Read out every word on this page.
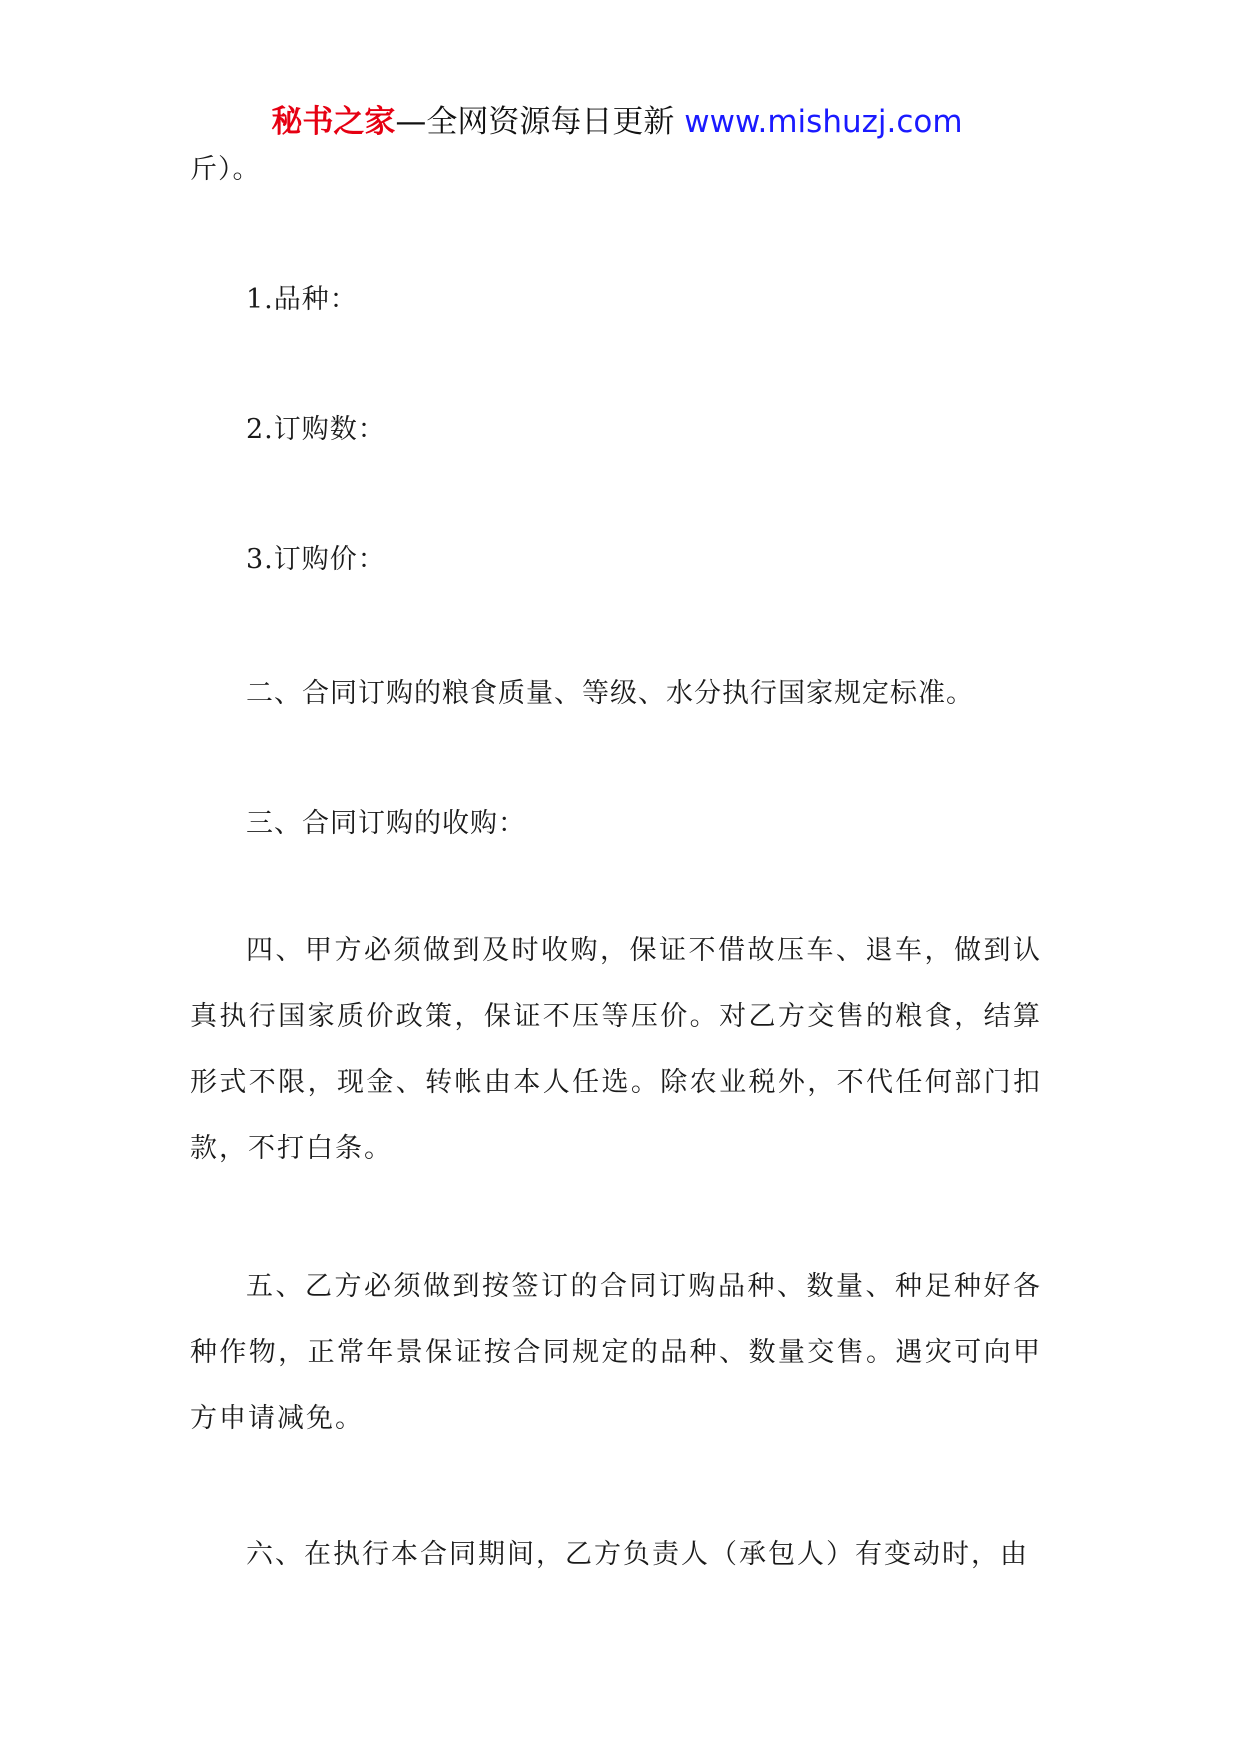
秘书之家—全网资源每日更新 www.mishuzj.com
斤）。
1.品种：
2.订购数：
3.订购价：
二、合同订购的粮食质量、等级、水分执行国家规定标准。
三、合同订购的收购：
四、甲方必须做到及时收购，保证不借故压车、退车，做到认真执行国家质价政策，保证不压等压价。对乙方交售的粮食，结算形式不限，现金、转帐由本人任选。除农业税外，不代任何部门扣款，不打白条。
五、乙方必须做到按签订的合同订购品种、数量、种足种好各种作物，正常年景保证按合同规定的品种、数量交售。遇灾可向甲方申请减免。
六、在执行本合同期间，乙方负责人（承包人）有变动时，由
